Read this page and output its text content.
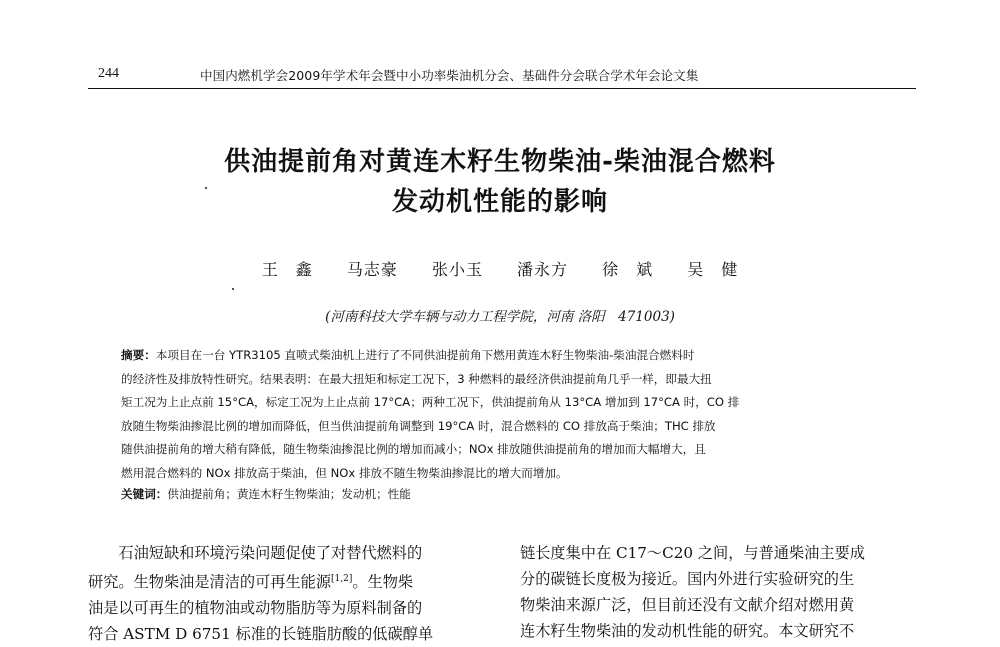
244	中国内燃机学会2009年学术年会暨中小功率柴油机分会、基础件分会联合学术年会论文集
供油提前角对黄连木籽生物柴油-柴油混合燃料
发动机性能的影响
王　鑫 马志豪 张小玉 潘永方 徐　斌 吴　健
(河南科技大学车辆与动力工程学院，河南 洛阳　471003)
摘要：本项目在一台 YTR3105 直喷式柴油机上进行了不同供油提前角下燃用黄连木籽生物柴油-柴油混合燃料时
的经济性及排放特性研究。结果表明：在最大扭矩和标定工况下，3 种燃料的最经济供油提前角几乎一样，即最大扭
矩工况为上止点前 15°CA，标定工况为上止点前 17°CA；两种工况下，供油提前角从 13°CA 增加到 17°CA 时，CO 排
放随生物柴油掺混比例的增加而降低，但当供油提前角调整到 19°CA 时，混合燃料的 CO 排放高于柴油；THC 排放
随供油提前角的增大稍有降低，随生物柴油掺混比例的增加而减小；NOx 排放随供油提前角的增加而大幅增大，且
燃用混合燃料的 NOx 排放高于柴油，但 NOx 排放不随生物柴油掺混比的增大而增加。
关键词：供油提前角；黄连木籽生物柴油；发动机；性能
　　石油短缺和环境污染问题促使了对替代燃料的
研究。生物柴油是清洁的可再生能源[1,2]。生物柴
油是以可再生的植物油或动物脂肪等为原料制备的
符合 ASTM D 6751 标准的长链脂肪酸的低碳醇单
链长度集中在 C17～C20 之间，与普通柴油主要成
分的碳链长度极为接近。国内外进行实验研究的生
物柴油来源广泛，但目前还没有文献介绍对燃用黄
连木籽生物柴油的发动机性能的研究。本文研究不
